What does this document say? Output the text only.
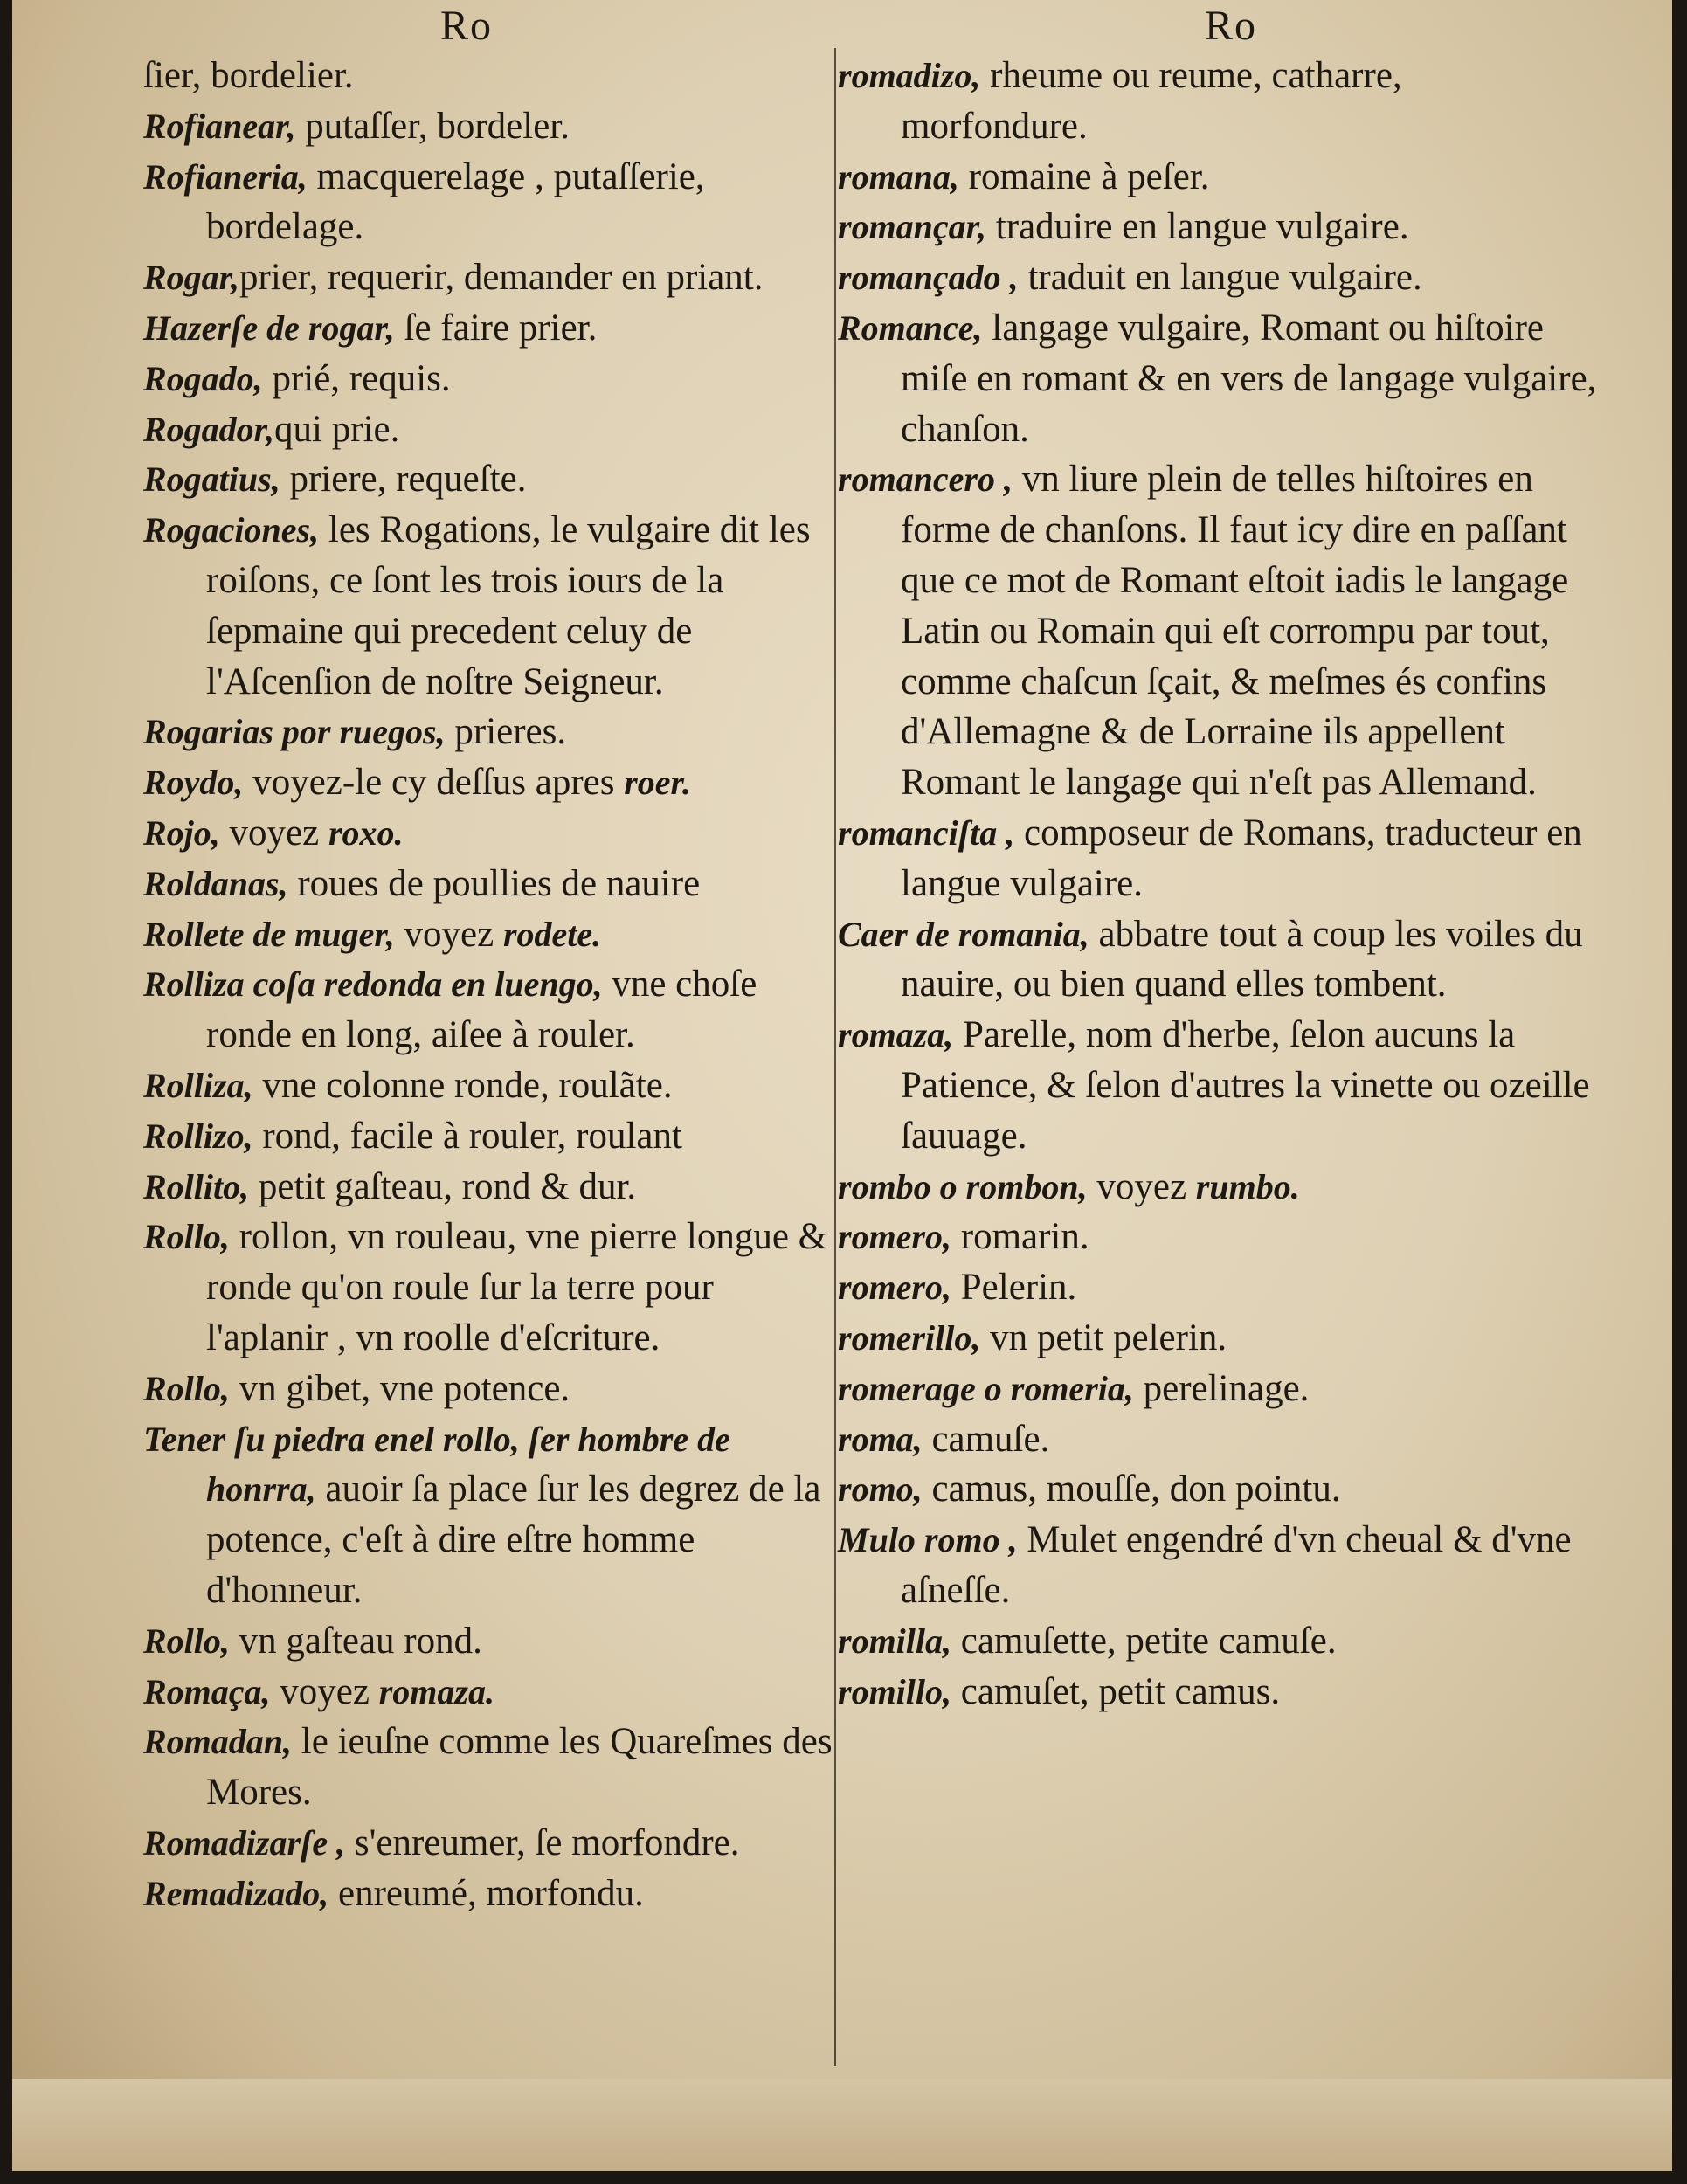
Ro	Ro
ſier, bordelier.
Rofianear, putaſſer, bordeler.
Rofianeria, macquerelage , putaſſerie, bordelage.
Rogar,prier, requerir, demander en priant.
Hazerſe de rogar, ſe faire prier.
Rogado, prié, requis.
Rogador,qui prie.
Rogatius, priere, requeſte.
Rogaciones, les Rogations, le vulgaire dit les roiſons, ce ſont les trois iours de la ſepmaine qui precedent celuy de l'Aſcenſion de noſtre Seigneur.
Rogarias por ruegos, prieres.
Roydo, voyez-le cy deſſus apres roer.
Rojo, voyez roxo.
Roldanas, roues de poullies de nauire
Rollete de muger, voyez rodete.
Rolliza coſa redonda en luengo, vne choſe ronde en long, aiſee à rouler.
Rolliza, vne colonne ronde, roulãte.
Rollizo, rond, facile à rouler, roulant
Rollito, petit gaſteau, rond & dur.
Rollo, rollon, vn rouleau, vne pierre longue & ronde qu'on roule ſur la terre pour l'aplanir , vn roolle d'eſcriture.
Rollo, vn gibet, vne potence.
Tener ſu piedra enel rollo, ſer hombre de honrra, auoir ſa place ſur les degrez de la potence, c'eſt à dire eſtre homme d'honneur.
Rollo, vn gaſteau rond.
Romaça, voyez romaza.
Romadan, le ieuſne comme les Quareſmes des Mores.
Romadizarſe , s'enreumer, ſe morfondre.
Remadizado, enreumé, morfondu.
romadizo, rheume ou reume, catharre, morfondure.
romana, romaine à peſer.
romançar, traduire en langue vulgaire.
romançado , traduit en langue vulgaire.
Romance, langage vulgaire, Romant ou hiſtoire miſe en romant & en vers de langage vulgaire, chanſon.
romancero , vn liure plein de telles hiſtoires en forme de chanſons. Il faut icy dire en paſſant que ce mot de Romant eſtoit iadis le langage Latin ou Romain qui eſt corrompu par tout, comme chaſcun ſçait, & meſmes és confins d'Allemagne & de Lorraine ils appellent Romant le langage qui n'eſt pas Allemand.
romanciſta , composeur de Romans, traducteur en langue vulgaire.
Caer de romania, abbatre tout à coup les voiles du nauire, ou bien quand elles tombent.
romaza, Parelle, nom d'herbe, ſelon aucuns la Patience, & ſelon d'autres la vinette ou ozeille ſauuage.
rombo o rombon, voyez rumbo.
romero, romarin.
romero, Pelerin.
romerillo, vn petit pelerin.
romerage o romeria, perelinage.
roma, camuſe.
romo, camus, mouſſe, don pointu.
Mulo romo , Mulet engendré d'vn cheual & d'vne aſneſſe.
romilla, camuſette, petite camuſe.
romillo, camuſet, petit camus.
